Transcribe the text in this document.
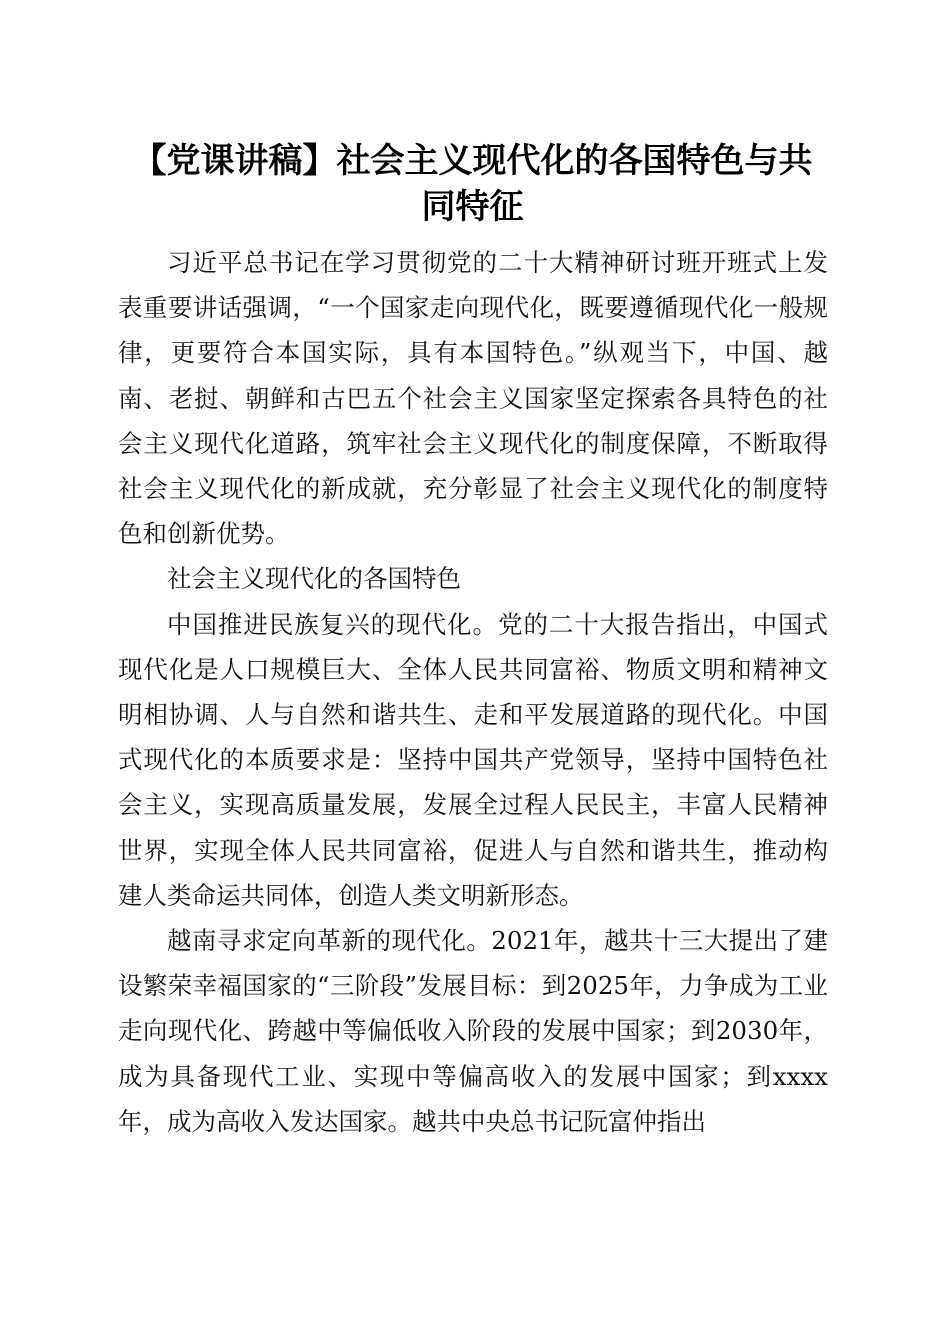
【党课讲稿】社会主义现代化的各国特色与共
同特征

习近平总书记在学习贯彻党的二十大精神研讨班开班式上发表重要讲话强调，“一个国家走向现代化，既要遵循现代化一般规律，更要符合本国实际，具有本国特色。”纵观当下，中国、越南、老挝、朝鲜和古巴五个社会主义国家坚定探索各具特色的社会主义现代化道路，筑牢社会主义现代化的制度保障，不断取得社会主义现代化的新成就，充分彰显了社会主义现代化的制度特色和创新优势。

社会主义现代化的各国特色

中国推进民族复兴的现代化。党的二十大报告指出，中国式现代化是人口规模巨大、全体人民共同富裕、物质文明和精神文明相协调、人与自然和谐共生、走和平发展道路的现代化。中国式现代化的本质要求是：坚持中国共产党领导，坚持中国特色社会主义，实现高质量发展，发展全过程人民民主，丰富人民精神世界，实现全体人民共同富裕，促进人与自然和谐共生，推动构建人类命运共同体，创造人类文明新形态。

越南寻求定向革新的现代化。2021年，越共十三大提出了建设繁荣幸福国家的“三阶段”发展目标：到2025年，力争成为工业走向现代化、跨越中等偏低收入阶段的发展中国家；到2030年，成为具备现代工业、实现中等偏高收入的发展中国家；到xxxx年，成为高收入发达国家。越共中央总书记阮富仲指出
